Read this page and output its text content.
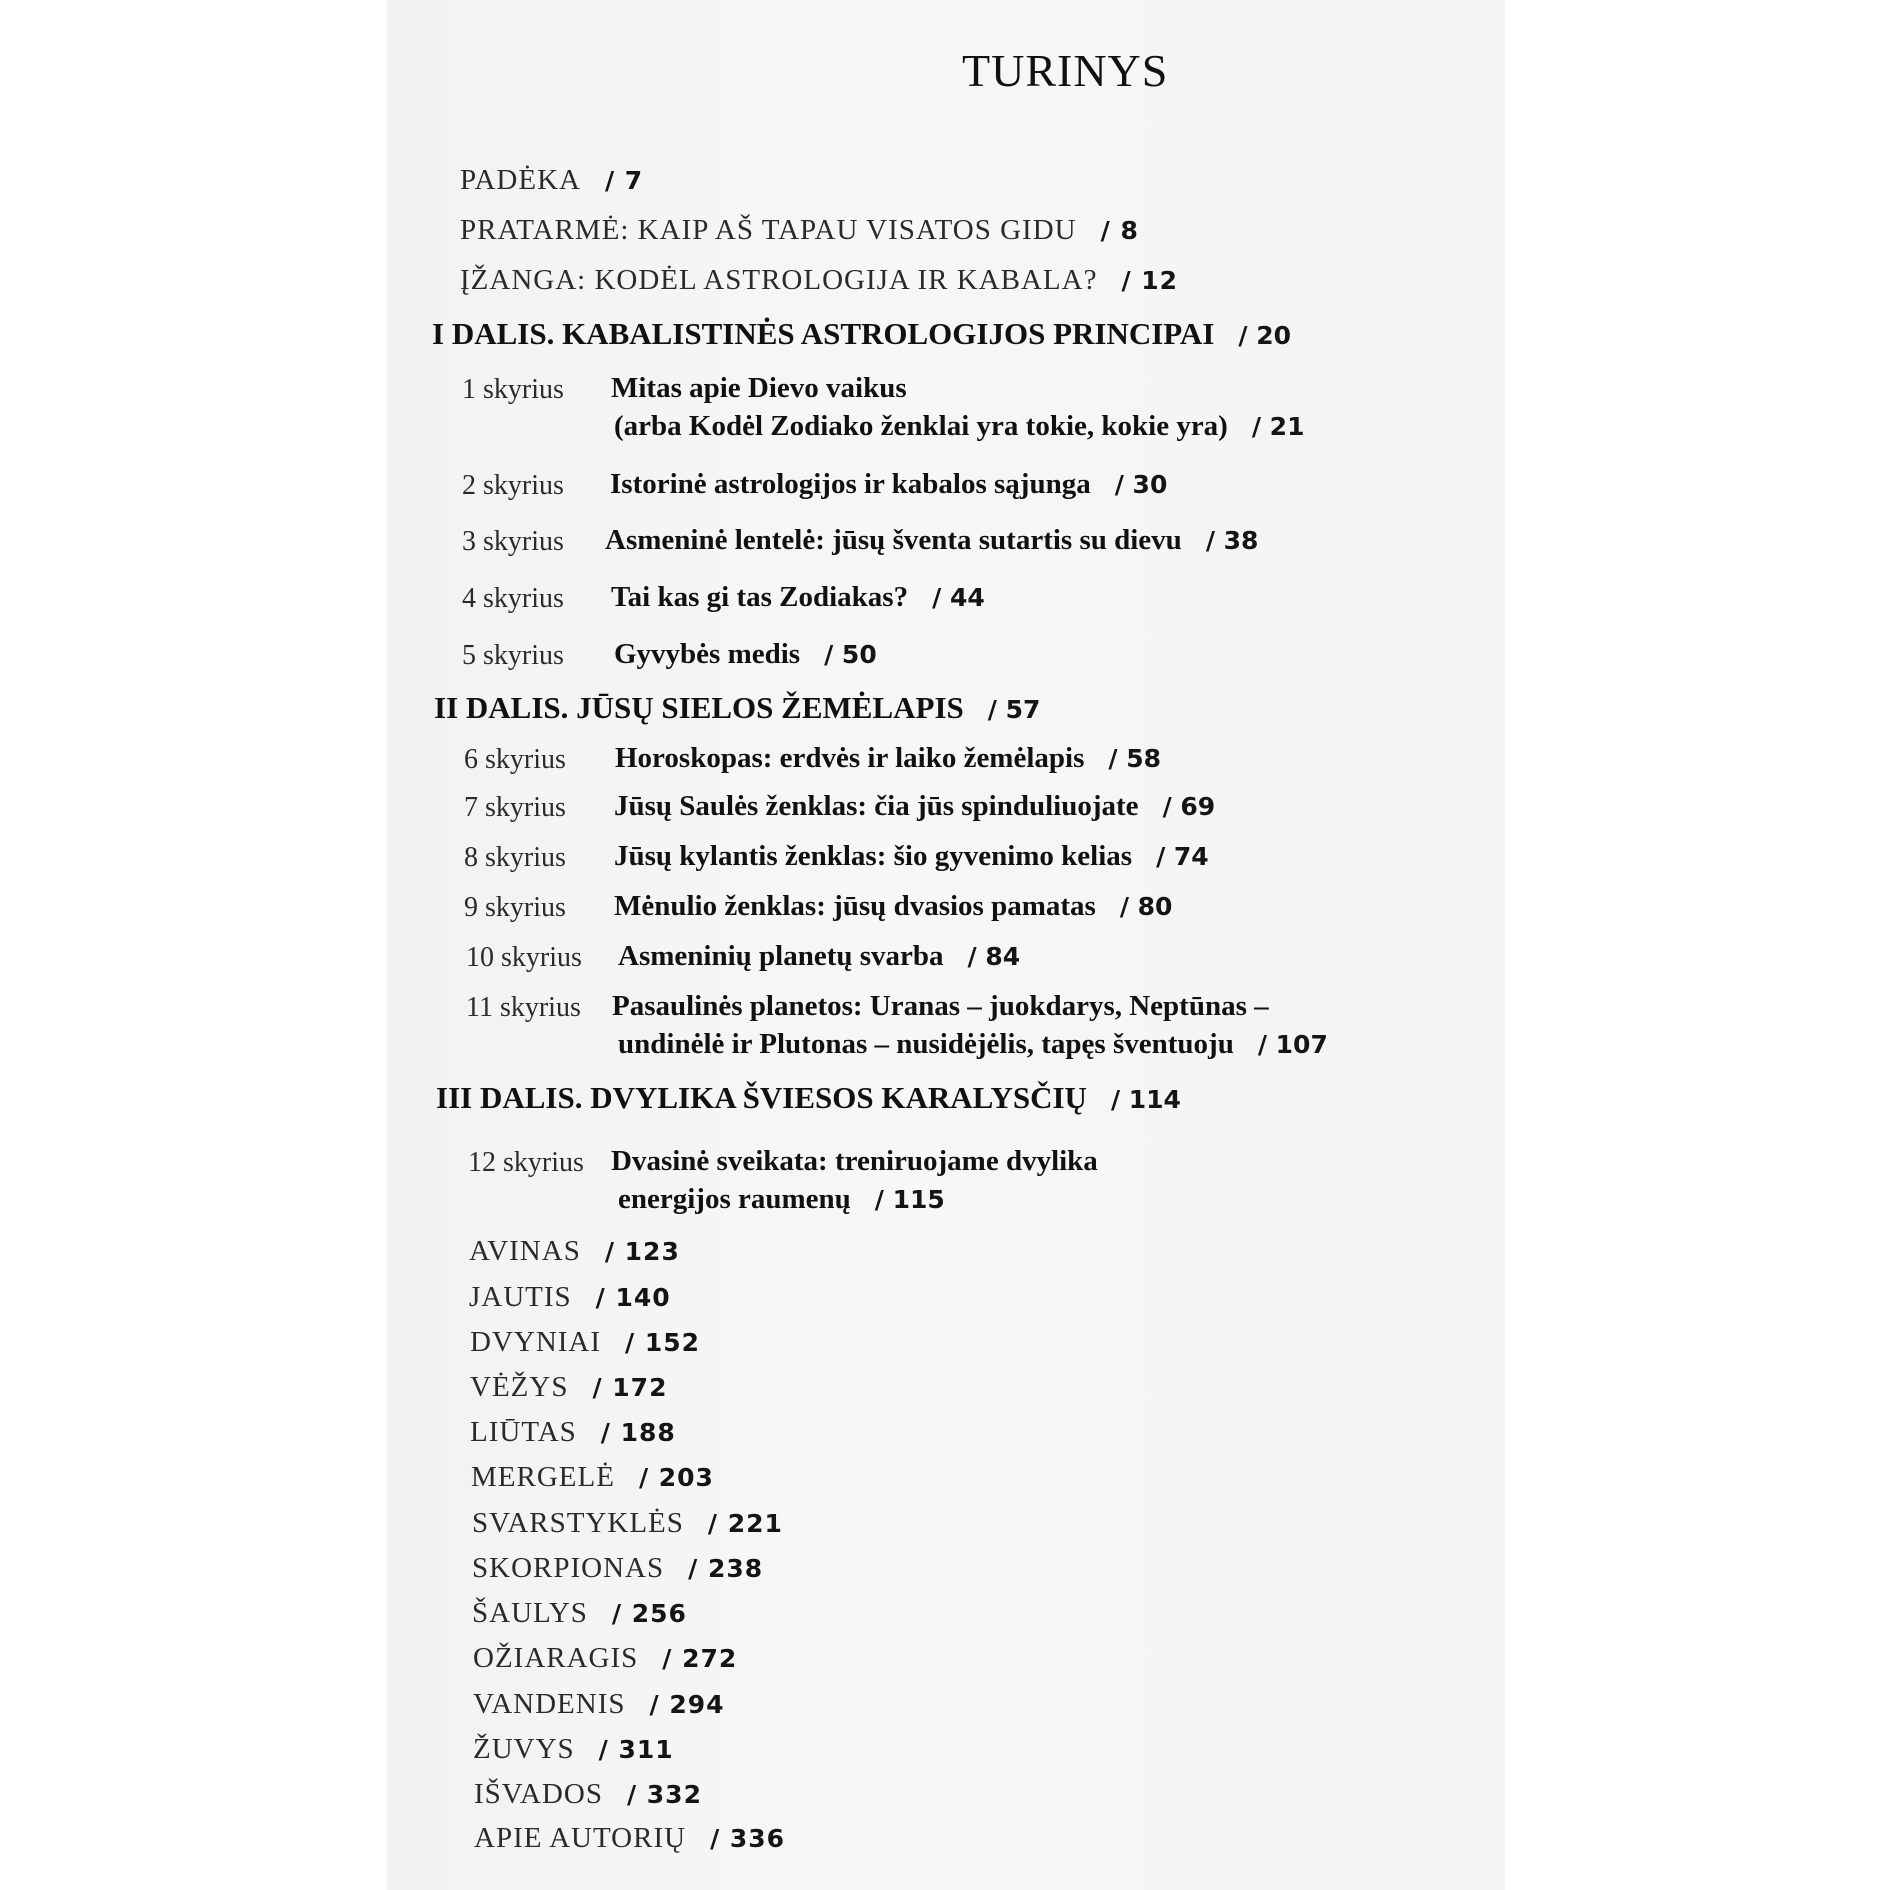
TURINYS
PADĖKA / 7
PRATARMĖ: KAIP AŠ TAPAU VISATOS GIDU / 8
ĮŽANGA: KODĖL ASTROLOGIJA IR KABALA? / 12
I DALIS. KABALISTINĖS ASTROLOGIJOS PRINCIPAI / 20
II DALIS. JŪSŲ SIELOS ŽEMĖLAPIS / 57
III DALIS. DVYLIKA ŠVIESOS KARALYSČIŲ / 114
1 skyrius Mitas apie Dievo vaikus
(arba Kodėl Zodiako ženklai yra tokie, kokie yra) / 21
2 skyrius Istorinė astrologijos ir kabalos sąjunga / 30
3 skyrius Asmeninė lentelė: jūsų šventa sutartis su dievu / 38
4 skyrius Tai kas gi tas Zodiakas? / 44
5 skyrius Gyvybės medis / 50
6 skyrius Horoskopas: erdvės ir laiko žemėlapis / 58
7 skyrius Jūsų Saulės ženklas: čia jūs spinduliuojate / 69
8 skyrius Jūsų kylantis ženklas: šio gyvenimo kelias / 74
9 skyrius Mėnulio ženklas: jūsų dvasios pamatas / 80
10 skyrius Asmeninių planetų svarba / 84
11 skyrius Pasaulinės planetos: Uranas – juokdarys, Neptūnas –
undinėlė ir Plutonas – nusidėjėlis, tapęs šventuoju / 107
12 skyrius Dvasinė sveikata: treniruojame dvylika
energijos raumenų / 115
AVINAS / 123
JAUTIS / 140
DVYNIAI / 152
VĖŽYS / 172
LIŪTAS / 188
MERGELĖ / 203
SVARSTYKLĖS / 221
SKORPIONAS / 238
ŠAULYS / 256
OŽIARAGIS / 272
VANDENIS / 294
ŽUVYS / 311
IŠVADOS / 332
APIE AUTORIŲ / 336
